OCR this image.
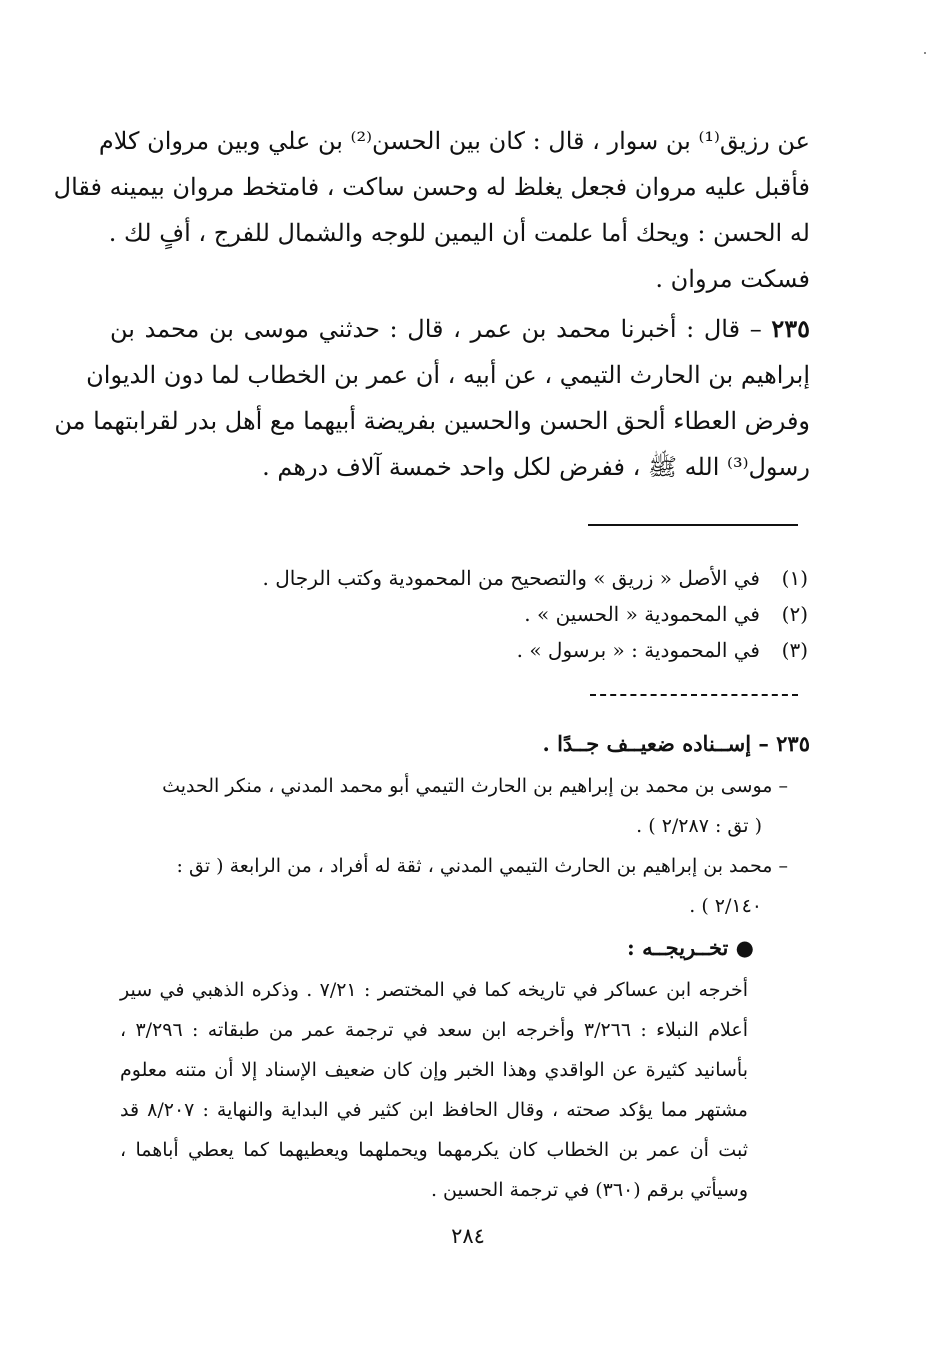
عن رزيق⁽¹⁾ بن سوار ، قال : كان بين الحسن⁽²⁾ بن علي وبين مروان كلام
فأقبل عليه مروان فجعل يغلظ له وحسن ساكت ، فامتخط مروان بيمينه فقال
له الحسن : ويحك أما علمت أن اليمين للوجه والشمال للفرج ، أفٍ لك .
فسكت مروان .
٢٣٥ – قال : أخبرنا محمد بن عمر ، قال : حدثني موسى بن محمد بن
إبراهيم بن الحارث التيمي ، عن أبيه ، أن عمر بن الخطاب لما دون الديوان
وفرض العطاء ألحق الحسن والحسين بفريضة أبيهما مع أهل بدر لقرابتهما من
رسول⁽³⁾ الله ﷺ ، ففرض لكل واحد خمسة آلاف درهم .
(١)في الأصل « زريق » والتصحيح من المحمودية وكتب الرجال .
(٢)في المحمودية « الحسين » .
(٣)في المحمودية : « برسول » .
٢٣٥ – إســناده ضعيــف جــدًا .
– موسى بن محمد بن إبراهيم بن الحارث التيمي أبو محمد المدني ، منكر الحديث
( تق : ٢/٢٨٧ ) .
– محمد بن إبراهيم بن الحارث التيمي المدني ، ثقة له أفراد ، من الرابعة ( تق :
٢/١٤٠ ) .
● تخــريجــه :
أخرجه ابن عساكر في تاريخه كما في المختصر : ٧/٢١ . وذكره الذهبي في سير
أعلام النبلاء : ٣/٢٦٦ وأخرجه ابن سعد في ترجمة عمر من طبقاته : ٣/٢٩٦ ،
بأسانيد كثيرة عن الواقدي وهذا الخبر وإن كان ضعيف الإسناد إلا أن متنه معلوم
مشتهر مما يؤكد صحته ، وقال الحافظ ابن كثير في البداية والنهاية : ٨/٢٠٧ قد
ثبت أن عمر بن الخطاب كان يكرمهما ويحملهما ويعطيهما كما يعطي أباهما ،
وسيأتي برقم (٣٦٠) في ترجمة الحسين .
٢٨٤
